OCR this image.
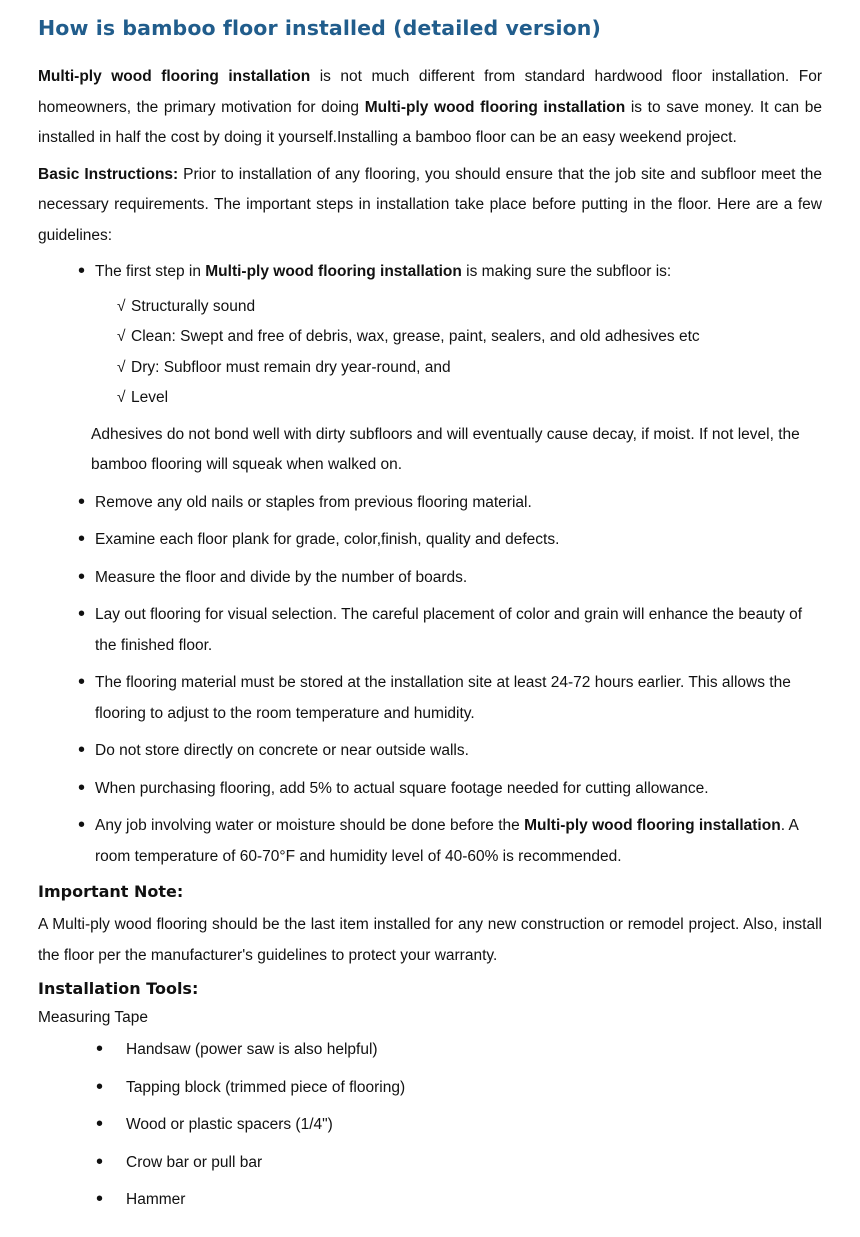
How is bamboo floor installed (detailed version)

Multi-ply wood flooring installation is not much different from standard hardwood floor installation. For homeowners, the primary motivation for doing Multi-ply wood flooring installation is to save money. It can be installed in half the cost by doing it yourself.Installing a bamboo floor can be an easy weekend project.

Basic Instructions: Prior to installation of any flooring, you should ensure that the job site and subfloor meet the necessary requirements. The important steps in installation take place before putting in the floor. Here are a few guidelines:

• The first step in Multi-ply wood flooring installation is making sure the subfloor is:
√ Structurally sound
√ Clean: Swept and free of debris, wax, grease, paint, sealers, and old adhesives etc
√ Dry: Subfloor must remain dry year-round, and
√ Level
Adhesives do not bond well with dirty subfloors and will eventually cause decay, if moist. If not level, the bamboo flooring will squeak when walked on.
• Remove any old nails or staples from previous flooring material.
• Examine each floor plank for grade, color,finish, quality and defects.
• Measure the floor and divide by the number of boards.
• Lay out flooring for visual selection. The careful placement of color and grain will enhance the beauty of the finished floor.
• The flooring material must be stored at the installation site at least 24-72 hours earlier. This allows the flooring to adjust to the room temperature and humidity.
• Do not store directly on concrete or near outside walls.
• When purchasing flooring, add 5% to actual square footage needed for cutting allowance.
• Any job involving water or moisture should be done before the Multi-ply wood flooring installation. A room temperature of 60-70°F and humidity level of 40-60% is recommended.
Important Note:

A Multi-ply wood flooring should be the last item installed for any new construction or remodel project. Also, install the floor per the manufacturer's guidelines to protect your warranty.

Installation Tools:
Measuring Tape
• Handsaw (power saw is also helpful)
• Tapping block (trimmed piece of flooring)
• Wood or plastic spacers (1/4")
• Crow bar or pull bar
• Hammer
